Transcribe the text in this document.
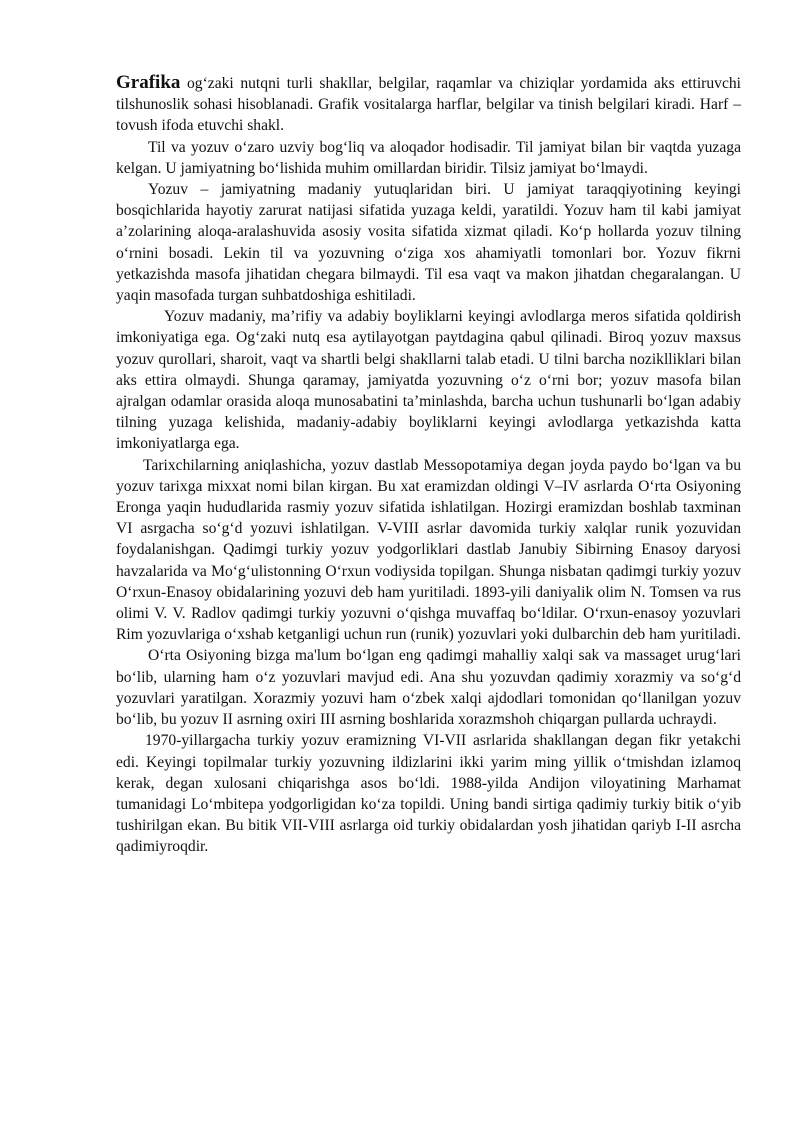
Grafika og‘zaki nutqni turli shakllar, belgilar, raqamlar va chiziqlar yordamida aks ettiruvchi tilshunoslik sohasi hisoblanadi. Grafik vositalarga harflar, belgilar va tinish belgilari kiradi. Harf – tovush ifoda etuvchi shakl.

Til va yozuv o‘zaro uzviy bog‘liq va aloqador hodisadir. Til jamiyat bilan bir vaqtda yuzaga kelgan. U jamiyatning bo‘lishida muhim omillardan biridir. Tilsiz jamiyat bo‘lmaydi.

Yozuv – jamiyatning madaniy yutuqlaridan biri. U jamiyat taraqqiyotining keyingi bosqichlarida hayotiy zarurat natijasi sifatida yuzaga keldi, yaratildi. Yozuv ham til kabi jamiyat a’zolarining aloqa-aralashuvida asosiy vosita sifatida xizmat qiladi. Ko‘p hollarda yozuv tilning o‘rnini bosadi. Lekin til va yozuvning o‘ziga xos ahamiyatli tomonlari bor. Yozuv fikrni yetkazishda masofa jihatidan chegara bilmaydi. Til esa vaqt va makon jihatdan chegaralangan. U yaqin masofada turgan suhbatdoshiga eshitiladi.

Yozuv madaniy, ma’rifiy va adabiy boyliklarni keyingi avlodlarga meros sifatida qoldirish imkoniyatiga ega. Og‘zaki nutq esa aytilayotgan paytdagina qabul qilinadi. Biroq yozuv maxsus yozuv qurollari, sharoit, vaqt va shartli belgi shakllarni talab etadi. U tilni barcha noziklliklari bilan aks ettira olmaydi. Shunga qaramay, jamiyatda yozuvning o‘z o‘rni bor; yozuv masofa bilan ajralgan odamlar orasida aloqa munosabatini ta’minlashda, barcha uchun tushunarli bo‘lgan adabiy tilning yuzaga kelishida, madaniy-adabiy boyliklarni keyingi avlodlarga yetkazishda katta imkoniyatlarga ega.

Tarixchilarning aniqlashicha, yozuv dastlab Messopotamiya degan joyda paydo bo‘lgan va bu yozuv tarixga mixxat nomi bilan kirgan. Bu xat eramizdan oldingi V–IV asrlarda O‘rta Osiyoning Eronga yaqin hududlarida rasmiy yozuv sifatida ishlatilgan. Hozirgi eramizdan boshlab taxminan VI asrgacha so‘g‘d yozuvi ishlatilgan. V-VIII asrlar davomida turkiy xalqlar runik yozuvidan foydalanishgan. Qadimgi turkiy yozuv yodgorliklari dastlab Janubiy Sibirning Enasoy daryosi havzalarida va Mo‘g‘ulistonning O‘rxun vodiysida topilgan. Shunga nisbatan qadimgi turkiy yozuv O‘rxun-Enasoy obidalarining yozuvi deb ham yuritiladi. 1893-yili daniyalik olim N. Tomsen va rus olimi V. V. Radlov qadimgi turkiy yozuvni o‘qishga muvaffaq bo‘ldilar. O‘rxun-enasoy yozuvlari Rim yozuvlariga o‘xshab ketganligi uchun run (runik) yozuvlari yoki dulbarchin deb ham yuritiladi.

O‘rta Osiyoning bizga ma'lum bo‘lgan eng qadimgi mahalliy xalqi sak va massaget urug‘lari bo‘lib, ularning ham o‘z yozuvlari mavjud edi. Ana shu yozuvdan qadimiy xorazmiy va so‘g‘d yozuvlari yaratilgan. Xorazmiy yozuvi ham o‘zbek xalqi ajdodlari tomonidan qo‘llanilgan yozuv bo‘lib, bu yozuv II asrning oxiri III asrning boshlarida xorazmshoh chiqargan pullarda uchraydi.

1970-yillargacha turkiy yozuv eramizning VI-VII asrlarida shakllangan degan fikr yetakchi edi. Keyingi topilmalar turkiy yozuvning ildizlarini ikki yarim ming yillik o‘tmishdan izlamoq kerak, degan xulosani chiqarishga asos bo‘ldi. 1988-yilda Andijon viloyatining Marhamat tumanidagi Lo‘mbitepa yodgorligidan ko‘za topildi. Uning bandi sirtiga qadimiy turkiy bitik o‘yib tushirilgan ekan. Bu bitik VII-VIII asrlarga oid turkiy obidalardan yosh jihatidan qariyb I-II asrcha qadimiyroqdir.
